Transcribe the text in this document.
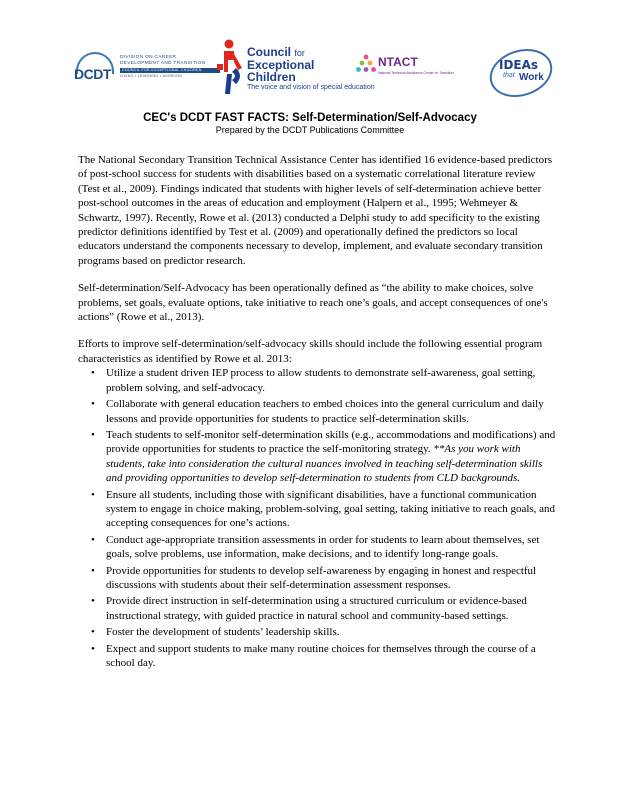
DCDT
DIVISION ON CAREER
DEVELOPMENT AND TRANSITION
COUNCIL FOR EXCEPTIONAL CHILDREN
LIVING • LEARNING • WORKING
Council for
Exceptional
Children
The voice and vision of special education
NTACT
National Technical Assistance Center on Transition
IDEAs
that Work
CEC's DCDT FAST FACTS: Self-Determination/Self-Advocacy
Prepared by the DCDT Publications Committee

The National Secondary Transition Technical Assistance Center has identified 16 evidence-based predictors of post-school success for students with disabilities based on a systematic correlational literature review (Test et al., 2009). Findings indicated that students with higher levels of self-determination achieve better post-school outcomes in the areas of education and employment (Halpern et al., 1995; Wehmeyer & Schwartz, 1997). Recently, Rowe et al. (2013) conducted a Delphi study to add specificity to the existing predictor definitions identified by Test et al. (2009) and operationally defined the predictors so local educators understand the components necessary to develop, implement, and evaluate secondary transition programs based on predictor research.

Self-determination/Self-Advocacy has been operationally defined as “the ability to make choices, solve problems, set goals, evaluate options, take initiative to reach one’s goals, and accept consequences of one's actions” (Rowe et al., 2013).

Efforts to improve self-determination/self-advocacy skills should include the following essential program characteristics as identified by Rowe et al. 2013:

• Utilize a student driven IEP process to allow students to demonstrate self-awareness, goal setting, problem solving, and self-advocacy.
• Collaborate with general education teachers to embed choices into the general curriculum and daily lessons and provide opportunities for students to practice self-determination skills.
• Teach students to self-monitor self-determination skills (e.g., accommodations and modifications) and provide opportunities for students to practice the self-monitoring strategy. **As you work with students, take into consideration the cultural nuances involved in teaching self-determination skills and providing opportunities to develop self-determination to students from CLD backgrounds.
• Ensure all students, including those with significant disabilities, have a functional communication system to engage in choice making, problem-solving, goal setting, taking initiative to reach goals, and accepting consequences for one’s actions.
• Conduct age-appropriate transition assessments in order for students to learn about themselves, set goals, solve problems, use information, make decisions, and to identify long-range goals.
• Provide opportunities for students to develop self-awareness by engaging in honest and respectful discussions with students about their self-determination assessment responses.
• Provide direct instruction in self-determination using a structured curriculum or evidence-based instructional strategy, with guided practice in natural school and community-based settings.
• Foster the development of students’ leadership skills.
• Expect and support students to make many routine choices for themselves through the course of a school day.
